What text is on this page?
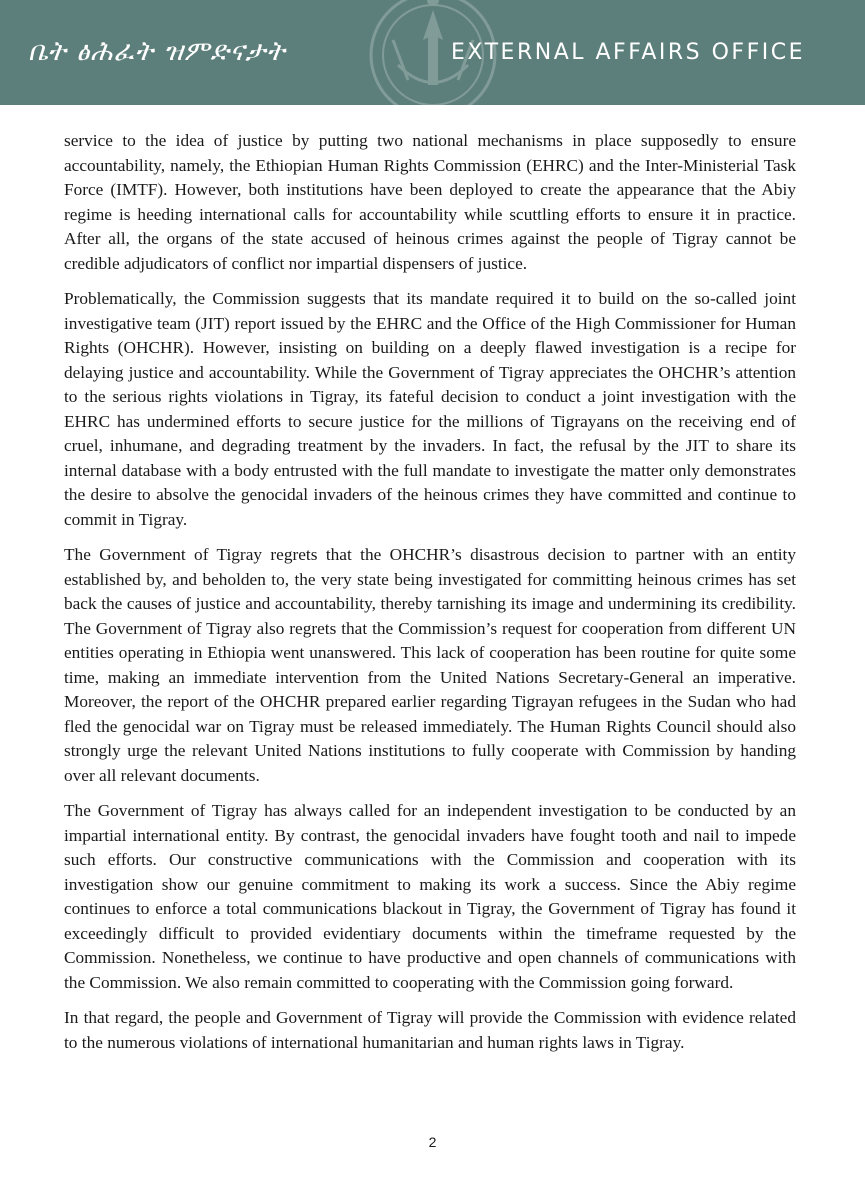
ቤት ፅሕፈት ዝምድናታት	EXTERNAL AFFAIRS OFFICE

service to the idea of justice by putting two national mechanisms in place supposedly to ensure accountability, namely, the Ethiopian Human Rights Commission (EHRC) and the Inter-Ministerial Task Force (IMTF). However, both institutions have been deployed to create the appearance that the Abiy regime is heeding international calls for accountability while scuttling efforts to ensure it in practice. After all, the organs of the state accused of heinous crimes against the people of Tigray cannot be credible adjudicators of conflict nor impartial dispensers of justice.

Problematically, the Commission suggests that its mandate required it to build on the so-called joint investigative team (JIT) report issued by the EHRC and the Office of the High Commissioner for Human Rights (OHCHR). However, insisting on building on a deeply flawed investigation is a recipe for delaying justice and accountability. While the Government of Tigray appreciates the OHCHR’s attention to the serious rights violations in Tigray, its fateful decision to conduct a joint investigation with the EHRC has undermined efforts to secure justice for the millions of Tigrayans on the receiving end of cruel, inhumane, and degrading treatment by the invaders. In fact, the refusal by the JIT to share its internal database with a body entrusted with the full mandate to investigate the matter only demonstrates the desire to absolve the genocidal invaders of the heinous crimes they have committed and continue to commit in Tigray.

The Government of Tigray regrets that the OHCHR’s disastrous decision to partner with an entity established by, and beholden to, the very state being investigated for committing heinous crimes has set back the causes of justice and accountability, thereby tarnishing its image and undermining its credibility. The Government of Tigray also regrets that the Commission’s request for cooperation from different UN entities operating in Ethiopia went unanswered. This lack of cooperation has been routine for quite some time, making an immediate intervention from the United Nations Secretary-General an imperative. Moreover, the report of the OHCHR prepared earlier regarding Tigrayan refugees in the Sudan who had fled the genocidal war on Tigray must be released immediately. The Human Rights Council should also strongly urge the relevant United Nations institutions to fully cooperate with Commission by handing over all relevant documents.

The Government of Tigray has always called for an independent investigation to be conducted by an impartial international entity. By contrast, the genocidal invaders have fought tooth and nail to impede such efforts. Our constructive communications with the Commission and cooperation with its investigation show our genuine commitment to making its work a success. Since the Abiy regime continues to enforce a total communications blackout in Tigray, the Government of Tigray has found it exceedingly difficult to provided evidentiary documents within the timeframe requested by the Commission. Nonetheless, we continue to have productive and open channels of communications with the Commission. We also remain committed to cooperating with the Commission going forward.

In that regard, the people and Government of Tigray will provide the Commission with evidence related to the numerous violations of international humanitarian and human rights laws in Tigray.

2
